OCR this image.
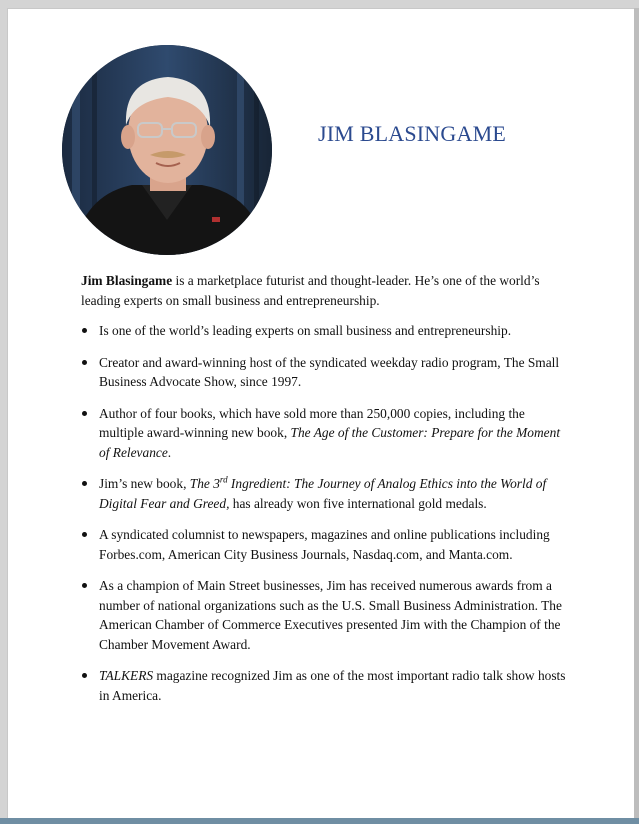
JIM BLASINGAME

Jim Blasingame is a marketplace futurist and thought-leader. He’s one of the world’s leading experts on small business and entrepreneurship.

Is one of the world’s leading experts on small business and entrepreneurship.
Creator and award-winning host of the syndicated weekday radio program, The Small Business Advocate Show, since 1997.
Author of four books, which have sold more than 250,000 copies, including the multiple award-winning new book, The Age of the Customer: Prepare for the Moment of Relevance.
Jim’s new book, The 3rd Ingredient: The Journey of Analog Ethics into the World of Digital Fear and Greed, has already won five international gold medals.
A syndicated columnist to newspapers, magazines and online publications including Forbes.com, American City Business Journals, Nasdaq.com, and Manta.com.
As a champion of Main Street businesses, Jim has received numerous awards from a number of national organizations such as the U.S. Small Business Administration. The American Chamber of Commerce Executives presented Jim with the Champion of the Chamber Movement Award.
TALKERS magazine recognized Jim as one of the most important radio talk show hosts in America.
